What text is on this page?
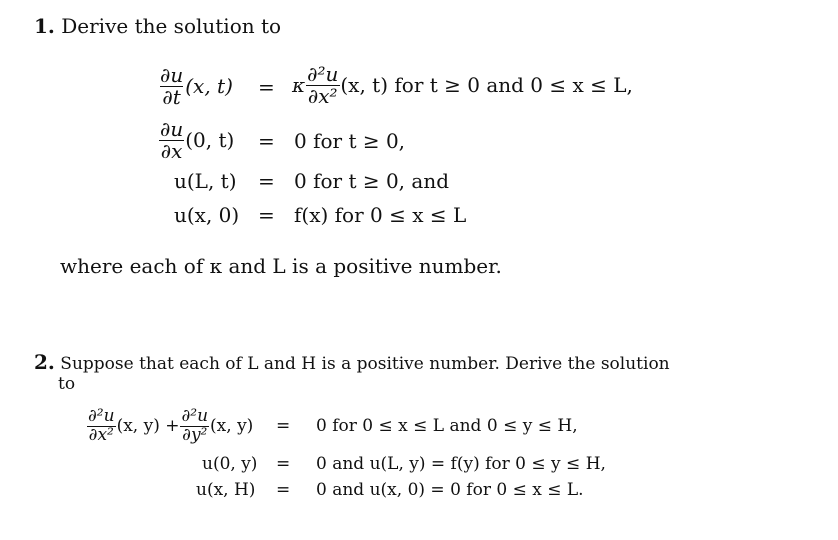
1. Derive the solution to
$\frac{\partial u}{\partial t} (x$, t) = κ $\frac{\text{∂²u}}{\text{∂x²}} (x$, t) for t ≥ 0 and 0 ≤ x ≤ L,
$\frac{\partial u}{\partial x} (0$, t) = 0 for t ≥ 0,
u(L, t) = 0 for t ≥ 0, and
u(x, 0) = f(x) for 0 ≤ x ≤ L
where each of κ and L is a positive number.
2. Suppose that each of L and H is a positive number. Derive the solution
to
$\frac{\text{∂²u}}{\text{∂x²}} (x$, $y) + \frac{\text{∂²u}}{\text{∂y²}} (x$, y) = 0 for 0 ≤ x ≤ L and 0 ≤ y ≤ H,
u(0, y) = 0 and u(L, y) = f(y) for 0 ≤ y ≤ H,
u(x, H) = 0 and u(x, 0) = 0 for 0 ≤ x ≤ L.
